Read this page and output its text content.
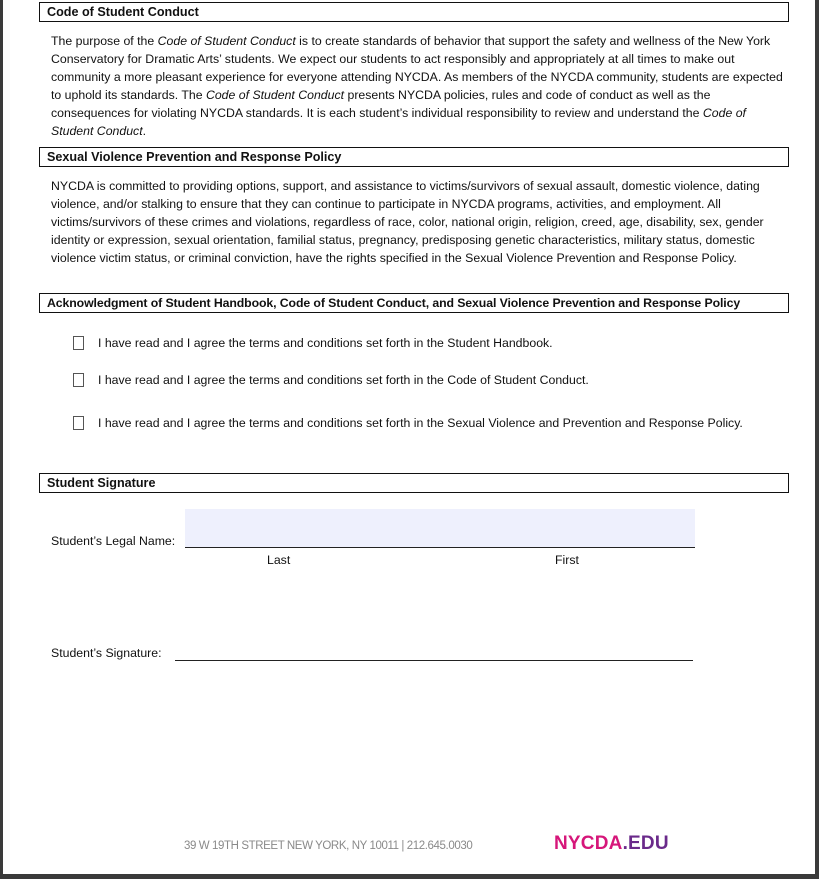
Code of Student Conduct

The purpose of the Code of Student Conduct is to create standards of behavior that support the safety and wellness of the New York Conservatory for Dramatic Arts’ students. We expect our students to act responsibly and appropriately at all times to make out community a more pleasant experience for everyone attending NYCDA. As members of the NYCDA community, students are expected to uphold its standards. The Code of Student Conduct presents NYCDA policies, rules and code of conduct as well as the consequences for violating NYCDA standards. It is each student’s individual responsibility to review and understand the Code of Student Conduct.

Sexual Violence Prevention and Response Policy

NYCDA is committed to providing options, support, and assistance to victims/survivors of sexual assault, domestic violence, dating violence, and/or stalking to ensure that they can continue to participate in NYCDA programs, activities, and employment. All victims/survivors of these crimes and violations, regardless of race, color, national origin, religion, creed, age, disability, sex, gender identity or expression, sexual orientation, familial status, pregnancy, predisposing genetic characteristics, military status, domestic violence victim status, or criminal conviction, have the rights specified in the Sexual Violence Prevention and Response Policy.

Acknowledgment of Student Handbook, Code of Student Conduct, and Sexual Violence Prevention and Response Policy
I have read and I agree the terms and conditions set forth in the Student Handbook.
I have read and I agree the terms and conditions set forth in the Code of Student Conduct.
I have read and I agree the terms and conditions set forth in the Sexual Violence and Prevention and Response Policy.
Student Signature
Student’s Legal Name:
Last	First
Student’s Signature:
39 W 19TH STREET NEW YORK, NY 10011 | 212.645.0030	NYCDA.EDU
